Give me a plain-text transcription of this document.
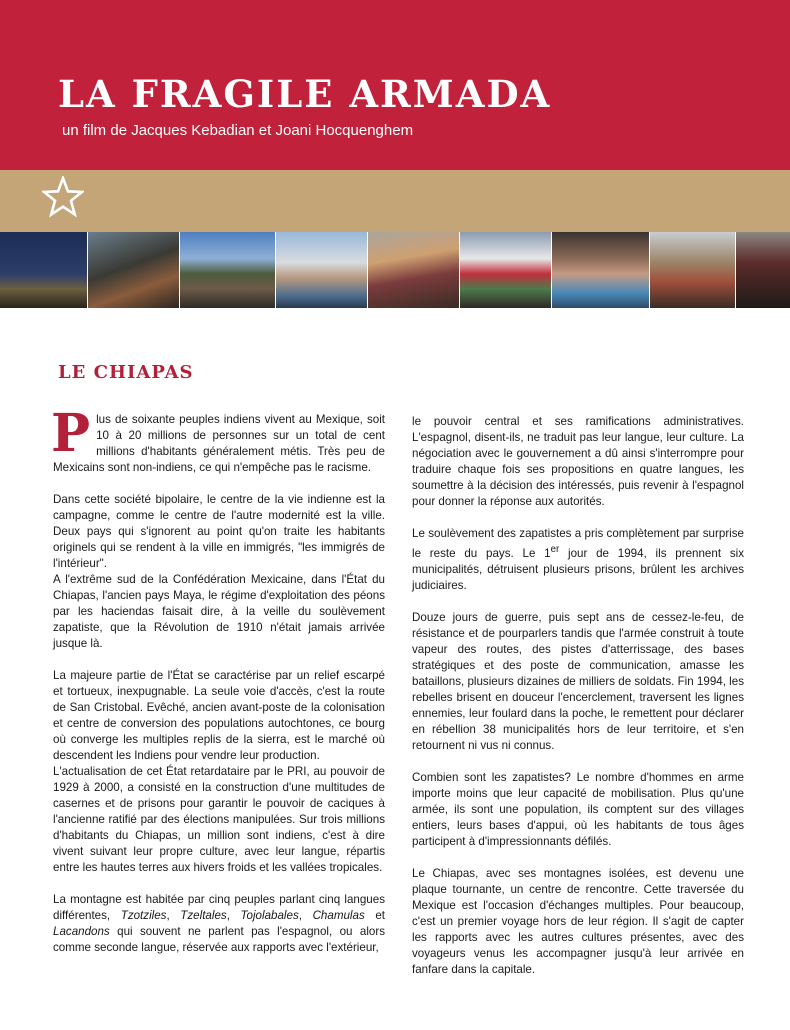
LA FRAGILE ARMADA
un film de Jacques Kebadian et Joani Hocquenghem
LE CHIAPAS

Plus de soixante peuples indiens vivent au Mexique, soit 10 à 20 millions de personnes sur un total de cent millions d'habitants généralement métis. Très peu de Mexicains sont non-indiens, ce qui n'empêche pas le racisme.

Dans cette société bipolaire, le centre de la vie indienne est la campagne, comme le centre de l'autre modernité est la ville. Deux pays qui s'ignorent au point qu'on traite les habitants originels qui se rendent à la ville en immigrés, "les immigrés de l'intérieur".

A l'extrême sud de la Confédération Mexicaine, dans l'État du Chiapas, l'ancien pays Maya, le régime d'exploitation des péons par les haciendas faisait dire, à la veille du soulèvement zapatiste, que la Révolution de 1910 n'était jamais arrivée jusque là.

La majeure partie de l'État se caractérise par un relief escarpé et tortueux, inexpugnable. La seule voie d'accès, c'est la route de San Cristobal. Evêché, ancien avant-poste de la colonisation et centre de conversion des populations autochtones, ce bourg où converge les multiples replis de la sierra, est le marché où descendent les Indiens pour vendre leur production.

L'actualisation de cet État retardataire par le PRI, au pouvoir de 1929 à 2000, a consisté en la construction d'une multitudes de casernes et de prisons pour garantir le pouvoir de caciques à l'ancienne ratifié par des élections manipulées. Sur trois millions d'habitants du Chiapas, un million sont indiens, c'est à dire vivent suivant leur propre culture, avec leur langue, répartis entre les hautes terres aux hivers froids et les vallées tropicales.

La montagne est habitée par cinq peuples parlant cinq langues différentes, Tzotziles, Tzeltales, Tojolabales, Chamulas et Lacandons qui souvent ne parlent pas l'espagnol, ou alors comme seconde langue, réservée aux rapports avec l'extérieur,

le pouvoir central et ses ramifications administratives. L'espagnol, disent-ils, ne traduit pas leur langue, leur culture. La négociation avec le gouvernement a dû ainsi s'interrompre pour traduire chaque fois ses propositions en quatre langues, les soumettre à la décision des intéressés, puis revenir à l'espagnol pour donner la réponse aux autorités.

Le soulèvement des zapatistes a pris complètement par surprise le reste du pays. Le 1er jour de 1994, ils prennent six municipalités, détruisent plusieurs prisons, brûlent les archives judiciaires.

Douze jours de guerre, puis sept ans de cessez-le-feu, de résistance et de pourparlers tandis que l'armée construit à toute vapeur des routes, des pistes d'atterrissage, des bases stratégiques et des poste de communication, amasse les bataillons, plusieurs dizaines de milliers de soldats. Fin 1994, les rebelles brisent en douceur l'encerclement, traversent les lignes ennemies, leur foulard dans la poche, le remettent pour déclarer en rébellion 38 municipalités hors de leur territoire, et s'en retournent ni vus ni connus.

Combien sont les zapatistes? Le nombre d'hommes en arme importe moins que leur capacité de mobilisation. Plus qu'une armée, ils sont une population, ils comptent sur des villages entiers, leurs bases d'appui, où les habitants de tous âges participent à d'impressionnants défilés.

Le Chiapas, avec ses montagnes isolées, est devenu une plaque tournante, un centre de rencontre. Cette traversée du Mexique est l'occasion d'échanges multiples. Pour beaucoup, c'est un premier voyage hors de leur région. Il s'agit de capter les rapports avec les autres cultures présentes, avec des voyageurs venus les accompagner jusqu'à leur arrivée en fanfare dans la capitale.
